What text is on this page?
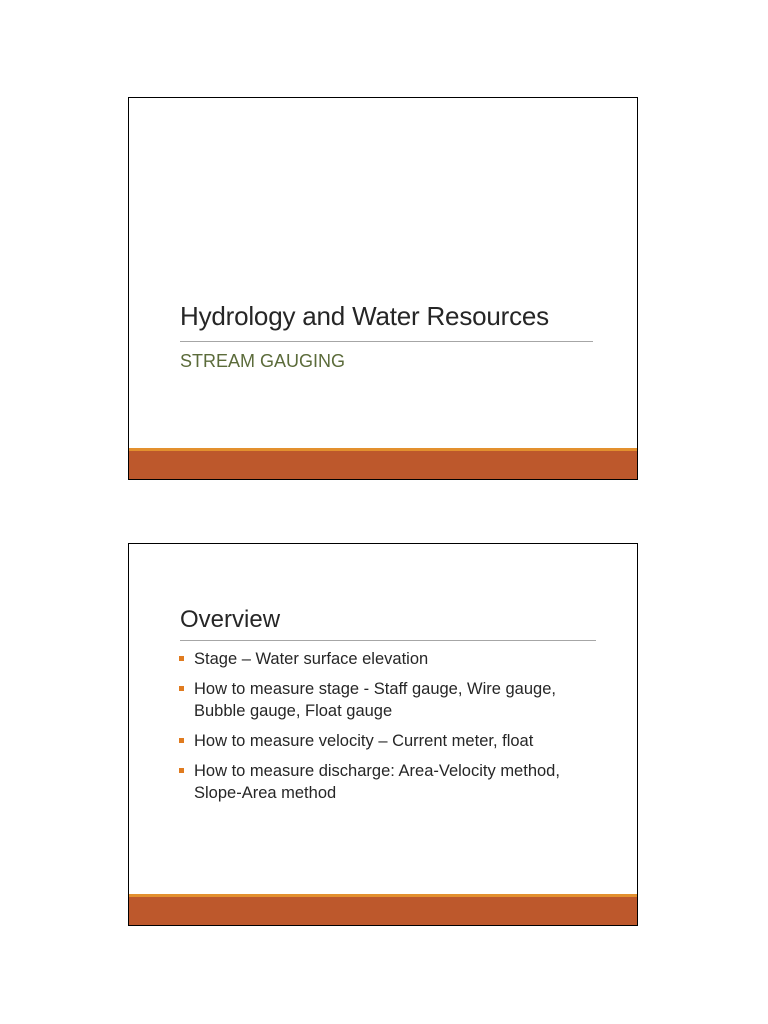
Hydrology and Water Resources
STREAM GAUGING
Overview
Stage – Water surface elevation
How to measure stage - Staff gauge, Wire gauge, Bubble gauge, Float gauge
How to measure velocity – Current meter, float
How to measure discharge: Area-Velocity method, Slope-Area method
